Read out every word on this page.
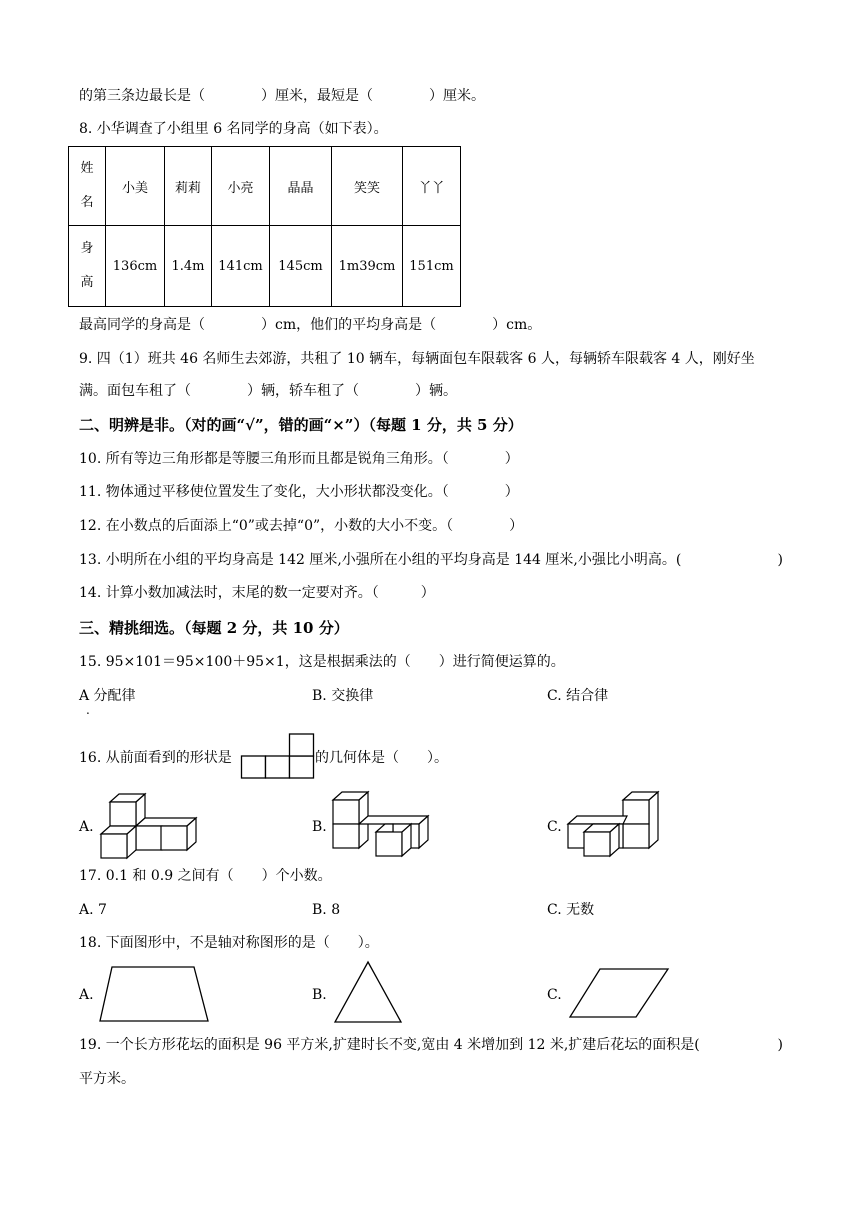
的第三条边最长是（　　　　）厘米，最短是（　　　　）厘米。
8. 小华调查了小组里 6 名同学的身高（如下表）。
姓
名	小美	莉莉	小亮	晶晶	笑笑	丫丫

身
高	136cm	1.4m	141cm	145cm	1m39cm	151cm
最高同学的身高是（　　　　）cm，他们的平均身高是（　　　　）cm。
9. 四（1）班共 46 名师生去郊游，共租了 10 辆车，每辆面包车限载客 6 人，每辆轿车限载客 4 人，刚好坐
满。面包车租了（　　　　）辆，轿车租了（　　　　）辆。
二、明辨是非。（对的画“√”，错的画“×”）（每题 1 分，共 5 分）
10. 所有等边三角形都是等腰三角形而且都是锐角三角形。（　　　　）
11. 物体通过平移使位置发生了变化，大小形状都没变化。（　　　　）
12. 在小数点的后面添上“0”或去掉“0”，小数的大小不变。（　　　　）
13. 小明所在小组的平均身高是 142 厘米,小强所在小组的平均身高是 144 厘米,小强比小明高。(	)
14. 计算小数加减法时，末尾的数一定要对齐。（　　　）
三、精挑细选。（每题 2 分，共 10 分）
15. 95×101＝95×100＋95×1，这是根据乘法的（　　）进行简便运算的。
A 分配律
.
B. 交换律	C. 结合律
16. 从前面看到的形状是	的几何体是（　　）。
A.	B.	C.
17. 0.1 和 0.9 之间有（　　）个小数。
A. 7	B. 8	C. 无数
18. 下面图形中，不是轴对称图形的是（　　）。
A.	B.	C.
19. 一个长方形花坛的面积是 96 平方米,扩建时长不变,宽由 4 米增加到 12 米,扩建后花坛的面积是(	)
平方米。
